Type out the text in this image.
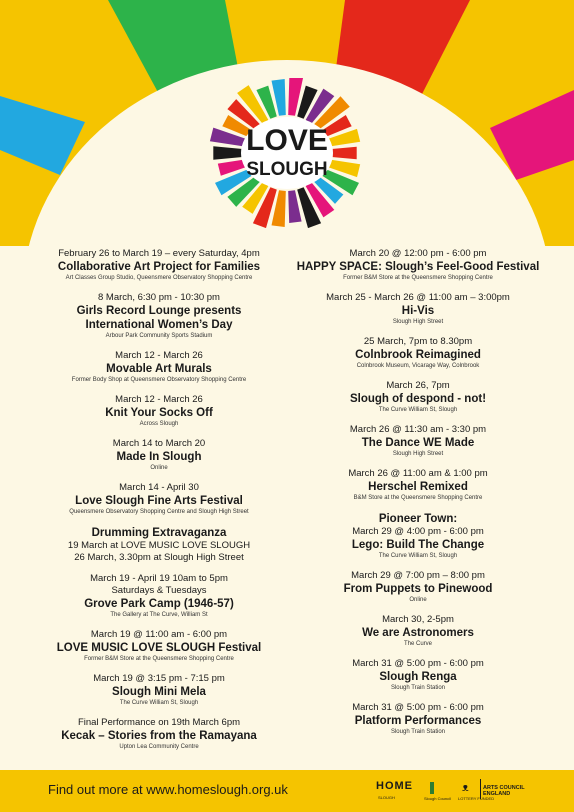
LOVE
SLOUGH
February 26 to March 19 – every Saturday, 4pm
Collaborative Art Project for Families
Art Classes Group Studio, Queensmere Observatory Shopping Centre
8 March, 6:30 pm - 10:30 pm
Girls Record Lounge presents
International Women’s Day
Arbour Park Community Sports Stadium
March 12 - March 26
Movable Art Murals
Former Body Shop at Queensmere Observatory Shopping Centre
March 12 - March 26
Knit Your Socks Off
Across Slough
March 14 to March 20
Made In Slough
Online
March 14 - April 30
Love Slough Fine Arts Festival
Queensmere Observatory Shopping Centre and Slough High Street
Drumming Extravaganza
19 March at LOVE MUSIC LOVE SLOUGH
26 March, 3.30pm at Slough High Street
March 19 - April 19 10am to 5pm
Saturdays & Tuesdays
Grove Park Camp (1946-57)
The Gallery at The Curve, William St
March 19 @ 11:00 am - 6:00 pm
LOVE MUSIC LOVE SLOUGH Festival
Former B&M Store at the Queensmere Shopping Centre
March 19 @ 3:15 pm - 7:15 pm
Slough Mini Mela
The Curve William St, Slough
Final Performance on 19th March 6pm
Kecak – Stories from the Ramayana
Upton Lea Community Centre
March 20 @ 12:00 pm - 6:00 pm
HAPPY SPACE: Slough’s Feel-Good Festival
Former B&M Store at the Queensmere Shopping Centre
March 25 - March 26 @ 11:00 am – 3:00pm
Hi-Vis
Slough High Street
25 March, 7pm to 8.30pm
Colnbrook Reimagined
Colnbrook Museum, Vicarage Way, Colnbrook
March 26, 7pm
Slough of despond - not!
The Curve William St, Slough
March 26 @ 11:30 am - 3:30 pm
The Dance WE Made
Slough High Street
March 26 @ 11:00 am & 1:00 pm
Herschel Remixed
B&M Store at the Queensmere Shopping Centre
Pioneer Town:
March 29 @ 4:00 pm - 6:00 pm
Lego: Build The Change
The Curve William St, Slough
March 29 @ 7:00 pm – 8:00 pm
From Puppets to Pinewood
Online
March 30, 2-5pm
We are Astronomers
The Curve
March 31 @ 5:00 pm - 6:00 pm
Slough Renga
Slough Train Station
March 31 @ 5:00 pm - 6:00 pm
Platform Performances
Slough Train Station
Find out more at www.homeslough.org.uk	HOME
SLOUGH	Slough Council
ᴥ
LOTTERY FUNDED
ARTS COUNCIL
ENGLAND
